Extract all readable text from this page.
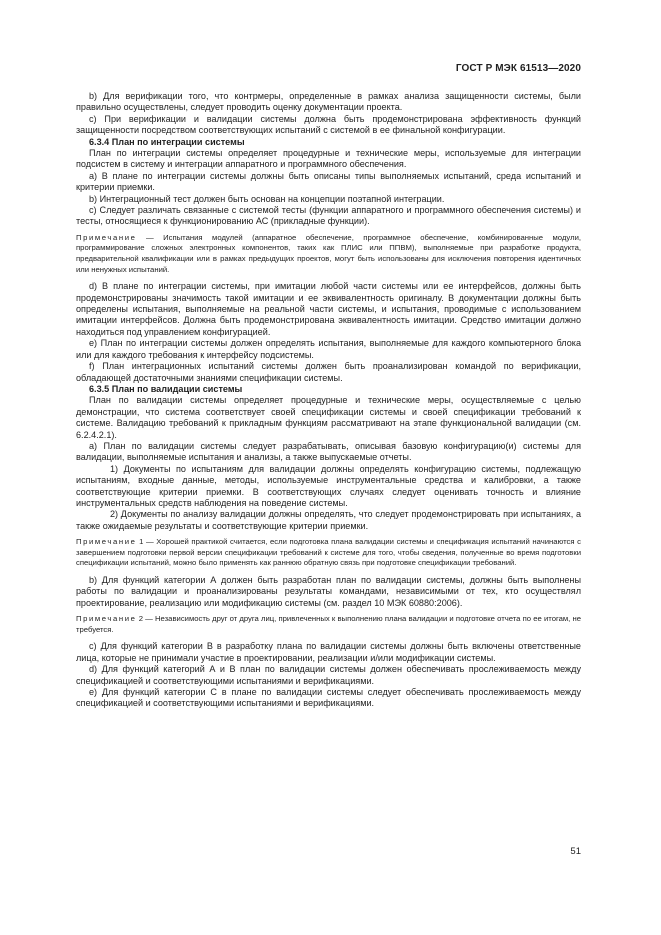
ГОСТ Р МЭК 61513—2020

b) Для верификации того, что контрмеры, определенные в рамках анализа защищенности системы, были правильно осуществлены, следует проводить оценку документации проекта.

c) При верификации и валидации системы должна быть продемонстрирована эффективность функций защищенности посредством соответствующих испытаний с системой в ее финальной конфигурации.

6.3.4 План по интеграции системы

План по интеграции системы определяет процедурные и технические меры, используемые для интеграции подсистем в систему и интеграции аппаратного и программного обеспечения.

a) В плане по интеграции системы должны быть описаны типы выполняемых испытаний, среда испытаний и критерии приемки.

b) Интеграционный тест должен быть основан на концепции поэтапной интеграции.

c) Следует различать связанные с системой тесты (функции аппаратного и программного обеспечения системы) и тесты, относящиеся к функционированию АС (прикладные функции).

Примечание — Испытания модулей (аппаратное обеспечение, программное обеспечение, комбинированные модули, программирование сложных электронных компонентов, таких как ПЛИС или ППВМ), выполняемые при разработке продукта, предварительной квалификации или в рамках предыдущих проектов, могут быть использованы для исключения повторения идентичных или ненужных испытаний.

d) В плане по интеграции системы, при имитации любой части системы или ее интерфейсов, должны быть продемонстрированы значимость такой имитации и ее эквивалентность оригиналу. В документации должны быть определены испытания, выполняемые на реальной части системы, и испытания, проводимые с использованием имитации интерфейсов. Должна быть продемонстрирована эквивалентность имитации. Средство имитации должно находиться под управлением конфигурацией.

e) План по интеграции системы должен определять испытания, выполняемые для каждого компьютерного блока или для каждого требования к интерфейсу подсистемы.

f) План интеграционных испытаний системы должен быть проанализирован командой по верификации, обладающей достаточными знаниями спецификации системы.

6.3.5 План по валидации системы

План по валидации системы определяет процедурные и технические меры, осуществляемые с целью демонстрации, что система соответствует своей спецификации системы и своей спецификации требований к системе. Валидацию требований к прикладным функциям рассматривают на этапе функциональной валидации (см. 6.2.4.2.1).

a) План по валидации системы следует разрабатывать, описывая базовую конфигурацию(и) системы для валидации, выполняемые испытания и анализы, а также выпускаемые отчеты.

1) Документы по испытаниям для валидации должны определять конфигурацию системы, подлежащую испытаниям, входные данные, методы, используемые инструментальные средства и калибровки, а также соответствующие критерии приемки. В соответствующих случаях следует оценивать точность и влияние инструментальных средств наблюдения на поведение системы.

2) Документы по анализу валидации должны определять, что следует продемонстрировать при испытаниях, а также ожидаемые результаты и соответствующие критерии приемки.

Примечание 1 — Хорошей практикой считается, если подготовка плана валидации системы и спецификация испытаний начинаются с завершением подготовки первой версии спецификации требований к системе для того, чтобы сведения, полученные во время подготовки спецификации испытаний, можно было применять как раннюю обратную связь при подготовке спецификации требований.

b) Для функций категории А должен быть разработан план по валидации системы, должны быть выполнены работы по валидации и проанализированы результаты командами, независимыми от тех, кто осуществлял проектирование, реализацию или модификацию системы (см. раздел 10 МЭК 60880:2006).

Примечание 2 — Независимость друг от друга лиц, привлеченных к выполнению плана валидации и подготовке отчета по ее итогам, не требуется.

c) Для функций категории В в разработку плана по валидации системы должны быть включены ответственные лица, которые не принимали участие в проектировании, реализации и/или модификации системы.

d) Для функций категорий А и В план по валидации системы должен обеспечивать прослеживаемость между спецификацией и соответствующими испытаниями и верификациями.

e) Для функций категории С в плане по валидации системы следует обеспечивать прослеживаемость между спецификацией и соответствующими испытаниями и верификациями.

51
